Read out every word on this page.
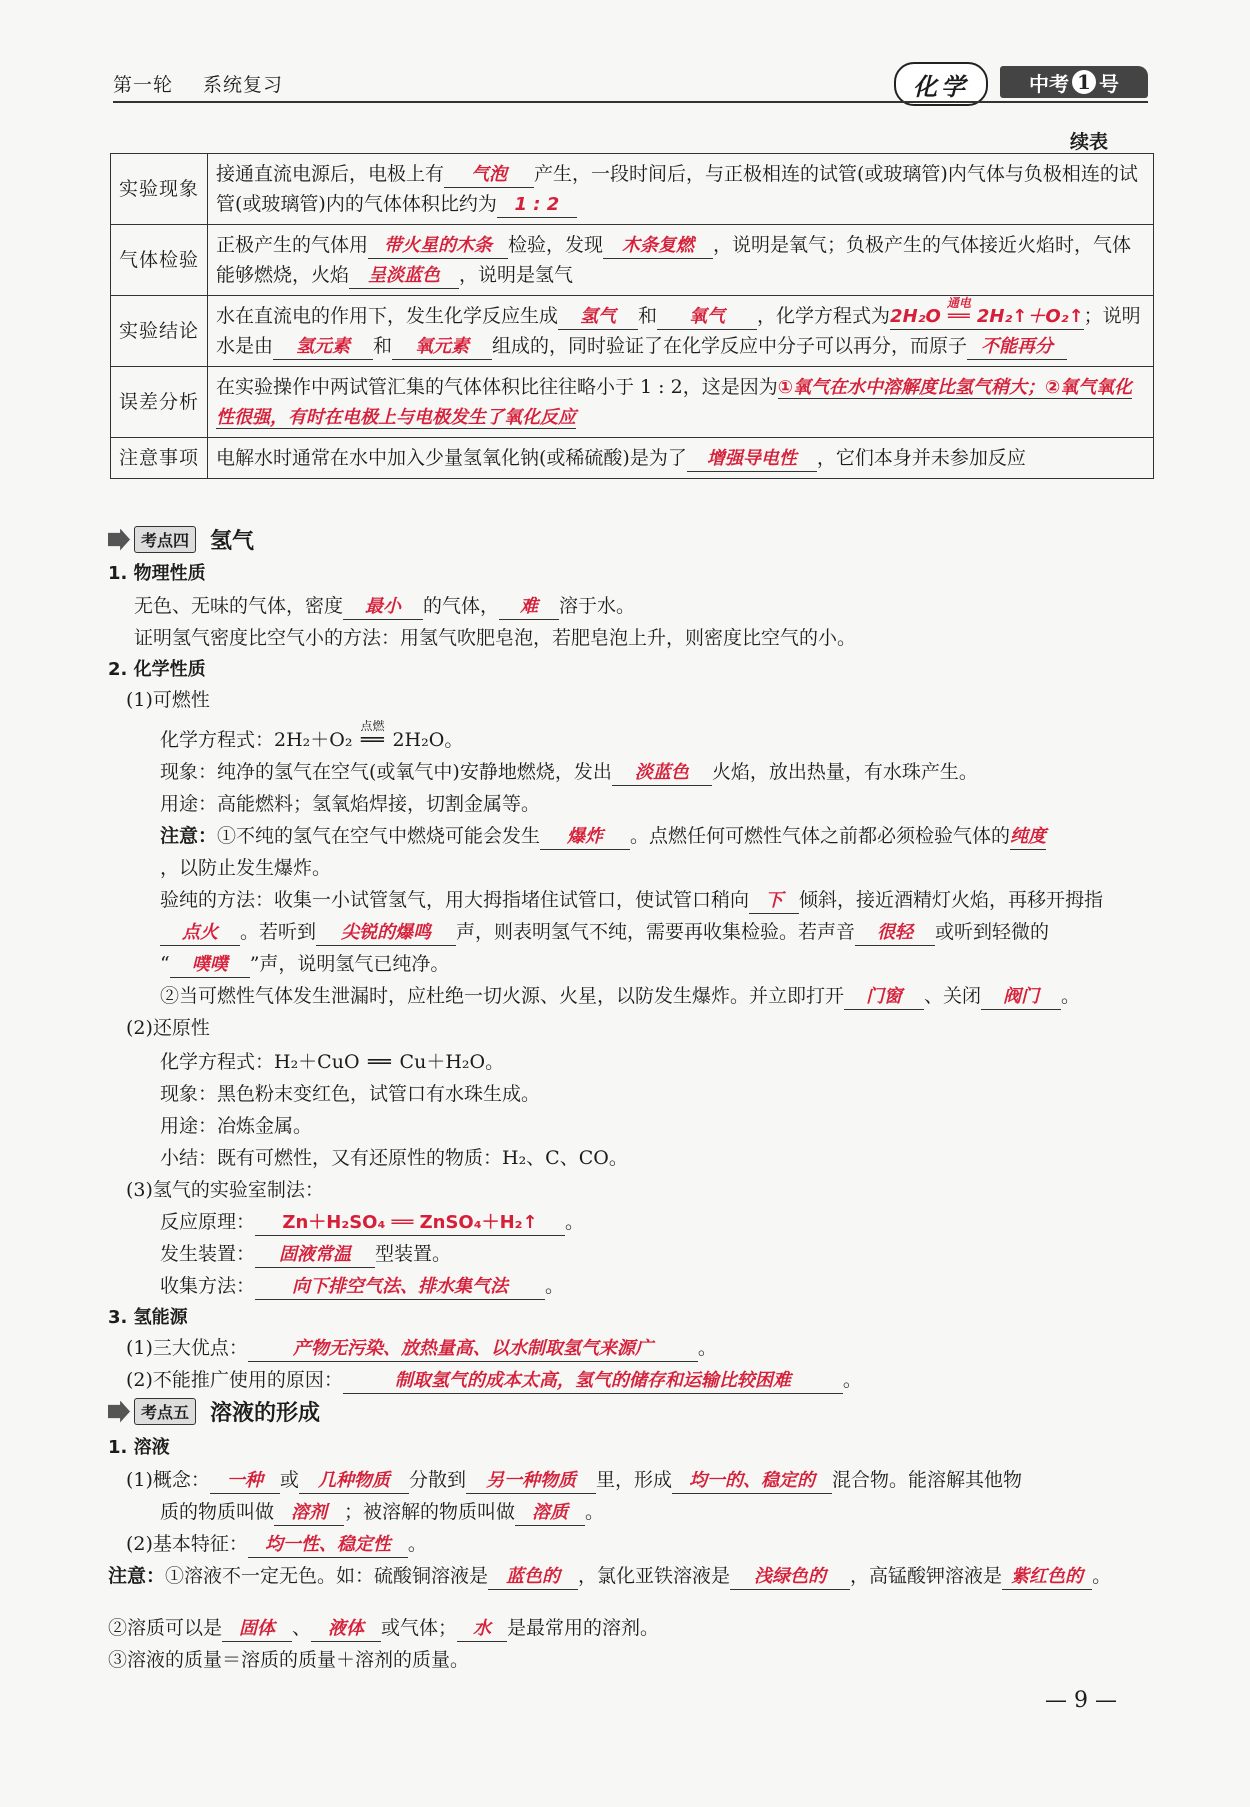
第一轮 系统复习	化学	中考 1 号
续表
实验现象	接通直流电源后，电极上有 气泡 产生，一段时间后，与正极相连的试管(或玻璃管)内气体与负极相连的试管(或玻璃管)内的气体体积比约为 1 : 2
气体检验	正极产生的气体用 带火星的木条 检验，发现 木条复燃 ，说明是氧气；负极产生的气体接近火焰时，气体能够燃烧，火焰 呈淡蓝色 ，说明是氢气
实验结论	水在直流电的作用下，发生化学反应生成 氢气 和 氧气 ，化学方程式为2H₂O ══
通电
2H₂↑＋O₂↑；说明水是由 氢元素 和 氧元素 组成的，同时验证了在化学反应中分子可以再分，而原子 不能再分
误差分析	在实验操作中两试管汇集的气体体积比往往略小于 1 : 2，这是因为①氧气在水中溶解度比氢气稍大；②氧气氧化性很强，有时在电极上与电极发生了氧化反应
注意事项	电解水时通常在水中加入少量氢氧化钠(或稀硫酸)是为了 增强导电性 ，它们本身并未参加反应
考点四 氢气
1. 物理性质
无色、无味的气体，密度 最小 的气体， 难 溶于水。
证明氢气密度比空气小的方法：用氢气吹肥皂泡，若肥皂泡上升，则密度比空气的小。
2. 化学性质
(1)可燃性
化学方程式：2H₂＋O₂ ══
点燃
2H₂O。
现象：纯净的氢气在空气(或氧气中)安静地燃烧，发出 淡蓝色 火焰，放出热量，有水珠产生。
用途：高能燃料；氢氧焰焊接，切割金属等。
注意：①不纯的氢气在空气中燃烧可能会发生 爆炸 。点燃任何可燃性气体之前都必须检验气体的纯度
，以防止发生爆炸。
验纯的方法：收集一小试管氢气，用大拇指堵住试管口，使试管口稍向 下 倾斜，接近酒精灯火焰，再移开拇指
点火 。若听到 尖锐的爆鸣 声，则表明氢气不纯，需要再收集检验。若声音 很轻 或听到轻微的
“ 噗噗 ”声，说明氢气已纯净。
②当可燃性气体发生泄漏时，应杜绝一切火源、火星，以防发生爆炸。并立即打开 门窗 、关闭 阀门 。
(2)还原性
化学方程式：H₂＋CuO ══ Cu＋H₂O。
现象：黑色粉末变红色，试管口有水珠生成。
用途：冶炼金属。
小结：既有可燃性，又有还原性的物质：H₂、C、CO。
(3)氢气的实验室制法：
反应原理： Zn＋H₂SO₄ ══ ZnSO₄＋H₂↑ 。
发生装置： 固液常温 型装置。
收集方法： 向下排空气法、排水集气法 。
3. 氢能源
(1)三大优点：	产物无污染、放热量高、以水制取氢气来源广 。
(2)不能推广使用的原因：	制取氢气的成本太高，氢气的储存和运输比较困难	。
考点五 溶液的形成
1. 溶液
(1)概念： 一种 或 几种物质 分散到 另一种物质 里，形成 均一的、稳定的 混合物。能溶解其他物
质的物质叫做 溶剂 ；被溶解的物质叫做 溶质 。
(2)基本特征： 均一性、稳定性 。
注意：①溶液不一定无色。如：硫酸铜溶液是 蓝色的 ，氯化亚铁溶液是 浅绿色的 ，高锰酸钾溶液是 紫红色的 。
②溶质可以是 固体 、 液体 或气体； 水 是最常用的溶剂。
③溶液的质量＝溶质的质量＋溶剂的质量。
— 9 —
